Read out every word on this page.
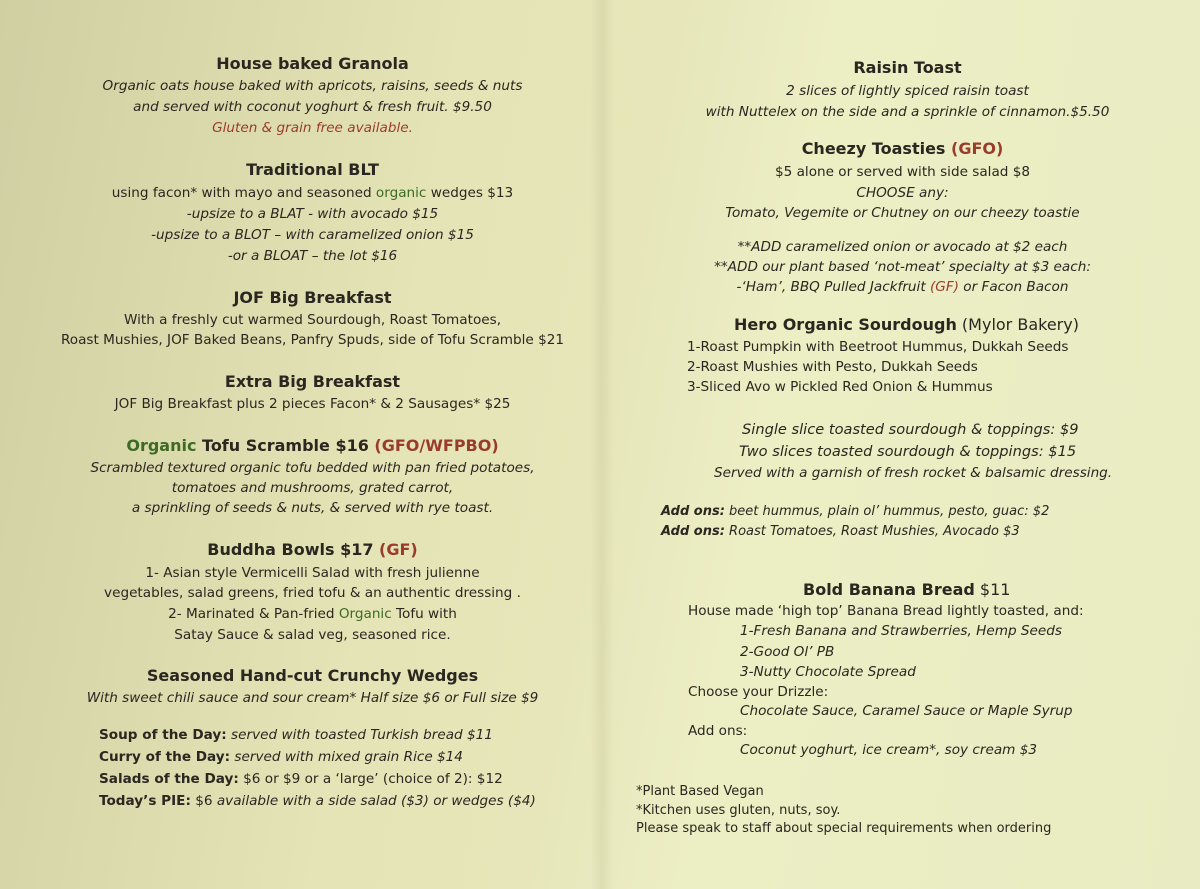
House baked Granola
Organic oats house baked with apricots, raisins, seeds & nuts
and served with coconut yoghurt & fresh fruit. $9.50
Gluten & grain free available.
Traditional BLT
using facon* with mayo and seasoned organic wedges $13
-upsize to a BLAT - with avocado $15
-upsize to a BLOT – with caramelized onion $15
-or a BLOAT – the lot $16
JOF Big Breakfast
With a freshly cut warmed Sourdough, Roast Tomatoes,
Roast Mushies, JOF Baked Beans, Panfry Spuds, side of Tofu Scramble $21
Extra Big Breakfast
JOF Big Breakfast plus 2 pieces Facon* & 2 Sausages* $25
Organic Tofu Scramble $16 (GFO/WFPBO)
Scrambled textured organic tofu bedded with pan fried potatoes,
tomatoes and mushrooms, grated carrot,
a sprinkling of seeds & nuts, & served with rye toast.
Buddha Bowls $17 (GF)
1- Asian style Vermicelli Salad with fresh julienne
vegetables, salad greens, fried tofu & an authentic dressing .
2- Marinated & Pan-fried Organic Tofu with
Satay Sauce & salad veg, seasoned rice.
Seasoned Hand-cut Crunchy Wedges
With sweet chili sauce and sour cream* Half size $6 or Full size $9
Soup of the Day: served with toasted Turkish bread $11
Curry of the Day: served with mixed grain Rice $14
Salads of the Day: $6 or $9 or a ‘large’ (choice of 2): $12
Today’s PIE: $6 available with a side salad ($3) or wedges ($4)
Raisin Toast
2 slices of lightly spiced raisin toast
with Nuttelex on the side and a sprinkle of cinnamon.$5.50
Cheezy Toasties (GFO)
$5 alone or served with side salad $8
CHOOSE any:
Tomato, Vegemite or Chutney on our cheezy toastie
**ADD caramelized onion or avocado at $2 each
**ADD our plant based ‘not-meat’ specialty at $3 each:
-‘Ham’, BBQ Pulled Jackfruit (GF) or Facon Bacon
Hero Organic Sourdough (Mylor Bakery)
1-Roast Pumpkin with Beetroot Hummus, Dukkah Seeds
2-Roast Mushies with Pesto, Dukkah Seeds
3-Sliced Avo w Pickled Red Onion & Hummus
Single slice toasted sourdough & toppings: $9
Two slices toasted sourdough & toppings: $15
Served with a garnish of fresh rocket & balsamic dressing.
Add ons: beet hummus, plain ol’ hummus, pesto, guac: $2
Add ons: Roast Tomatoes, Roast Mushies, Avocado $3
Bold Banana Bread $11
House made ‘high top’ Banana Bread lightly toasted, and:
1-Fresh Banana and Strawberries, Hemp Seeds
2-Good Ol’ PB
3-Nutty Chocolate Spread
Choose your Drizzle:
Chocolate Sauce, Caramel Sauce or Maple Syrup
Add ons:
Coconut yoghurt, ice cream*, soy cream $3
*Plant Based Vegan
*Kitchen uses gluten, nuts, soy.
Please speak to staff about special requirements when ordering
